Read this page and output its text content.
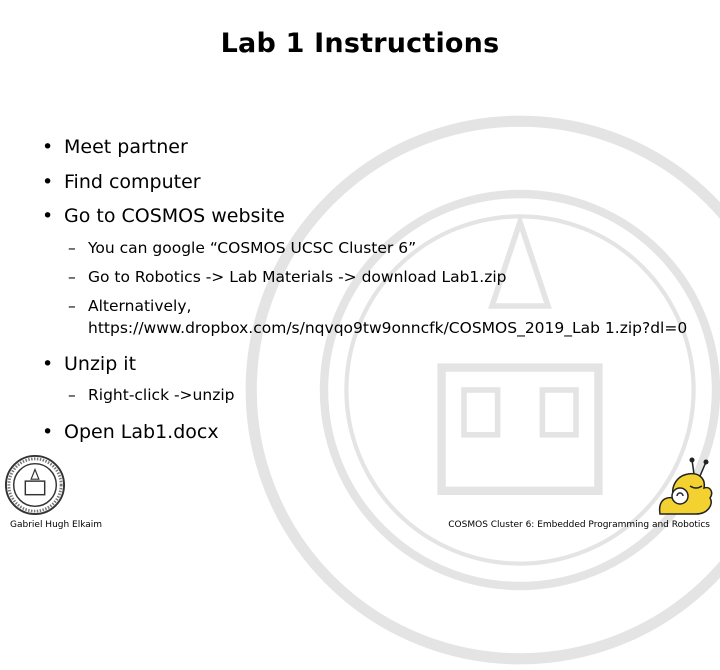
Lab 1 Instructions
• Meet partner
• Find computer
• Go to COSMOS website
– You can google “COSMOS UCSC Cluster 6”
– Go to Robotics -> Lab Materials -> download Lab1.zip
– Alternatively, https://www.dropbox.com/s/nqvqo9tw9onncfk/COSMOS_2019_Lab 1.zip?dl=0
• Unzip it
– Right-click ->unzip
• Open Lab1.docx
Gabriel Hugh Elkaim	COSMOS Cluster 6: Embedded Programming and Robotics
